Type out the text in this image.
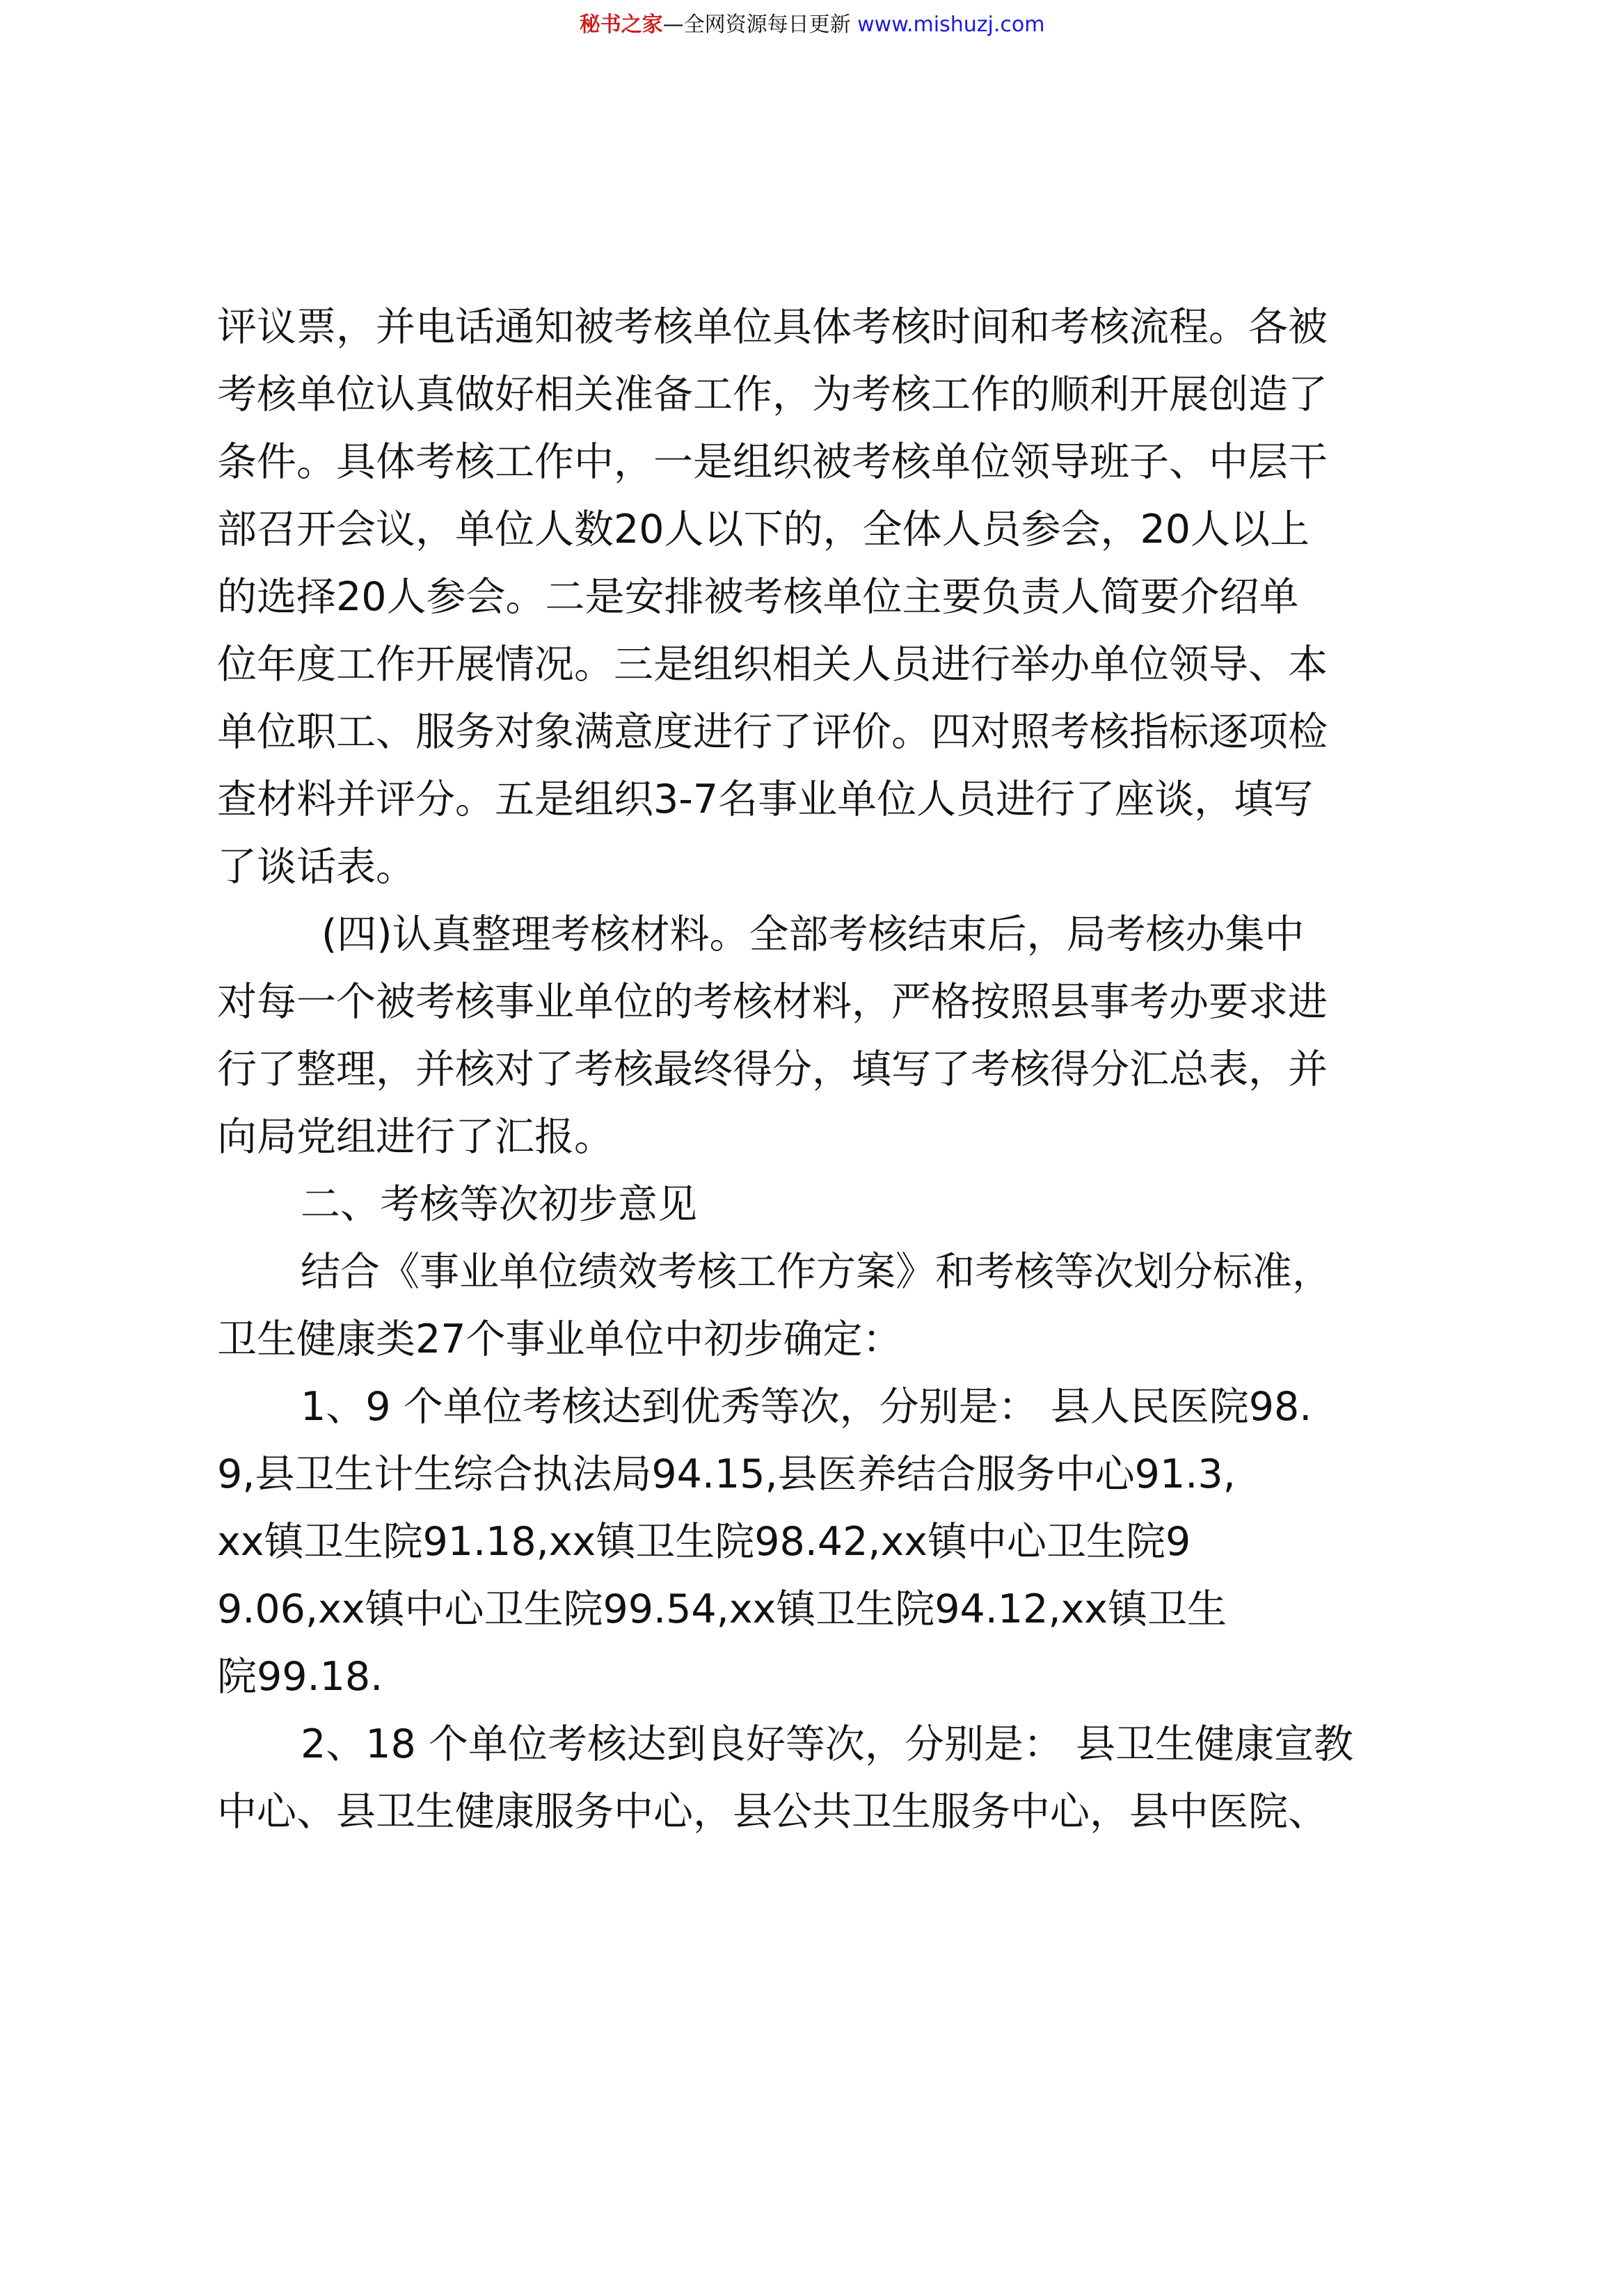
秘书之家—全网资源每日更新 www.mishuzj.com
评议票，并电话通知被考核单位具体考核时间和考核流程。各被
考核单位认真做好相关准备工作，为考核工作的顺利开展创造了
条件。具体考核工作中，一是组织被考核单位领导班子、中层干
部召开会议，单位人数20人以下的，全体人员参会，20人以上
的选择20人参会。二是安排被考核单位主要负责人简要介绍单
位年度工作开展情况。三是组织相关人员进行举办单位领导、本
单位职工、服务对象满意度进行了评价。四对照考核指标逐项检
查材料并评分。五是组织3-7名事业单位人员进行了座谈，填写
了谈话表。
(四)认真整理考核材料。全部考核结束后，局考核办集中
对每一个被考核事业单位的考核材料，严格按照县事考办要求进
行了整理，并核对了考核最终得分，填写了考核得分汇总表，并
向局党组进行了汇报。
二、考核等次初步意见
结合《事业单位绩效考核工作方案》和考核等次划分标准，
卫生健康类27个事业单位中初步确定：
1、9 个单位考核达到优秀等次，分别是： 县人民医院98.
9,县卫生计生综合执法局94.15,县医养结合服务中心91.3,
xx镇卫生院91.18,xx镇卫生院98.42,xx镇中心卫生院9
9.06,xx镇中心卫生院99.54,xx镇卫生院94.12,xx镇卫生
院99.18.
2、18 个单位考核达到良好等次，分别是： 县卫生健康宣教
中心、县卫生健康服务中心，县公共卫生服务中心，县中医院、
